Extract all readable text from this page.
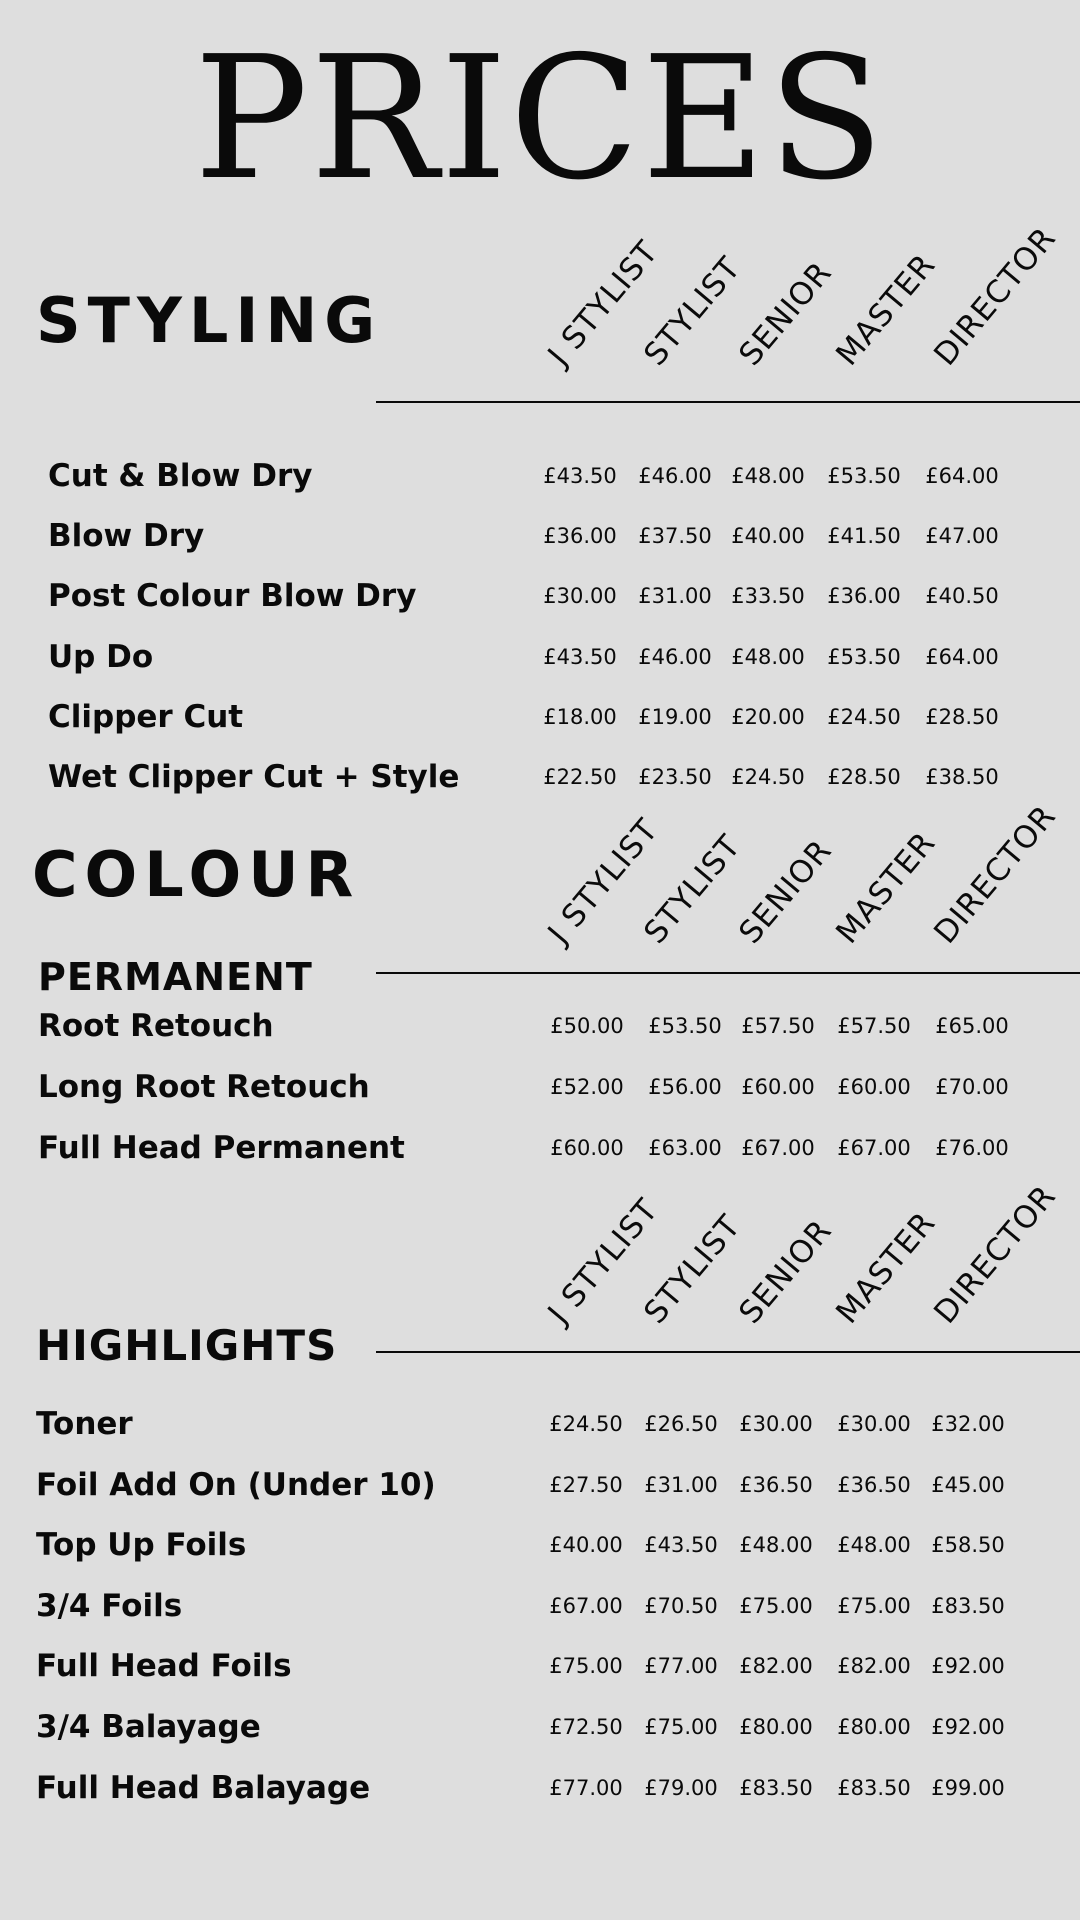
PRICES
STYLING
COLOUR
PERMANENT
HIGHLIGHTS
J STYLIST
STYLIST
SENIOR
MASTER
DIRECTOR
J STYLIST
STYLIST
SENIOR
MASTER
DIRECTOR
J STYLIST
STYLIST
SENIOR
MASTER
DIRECTOR
Cut & Blow Dry	£43.50	£46.00 £48.00	£53.50	£64.00
Blow Dry	£36.00	£37.50 £40.00	£41.50	£47.00
Post Colour Blow Dry	£30.00	£31.00 £33.50	£36.00	£40.50
Up Do	£43.50	£46.00 £48.00	£53.50	£64.00
Clipper Cut	£18.00	£19.00 £20.00	£24.50	£28.50
Wet Clipper Cut + Style	£22.50	£23.50 £24.50	£28.50	£38.50
Root Retouch	£50.00	£53.50 £57.50	£57.50	£65.00
Long Root Retouch	£52.00	£56.00 £60.00	£60.00	£70.00
Full Head Permanent	£60.00	£63.00 £67.00	£67.00	£76.00
Toner	£24.50	£26.50	£30.00	£30.00 £32.00
Foil Add On (Under 10)	£27.50	£31.00	£36.50	£36.50 £45.00
Top Up Foils	£40.00	£43.50	£48.00	£48.00 £58.50
3/4 Foils	£67.00	£70.50	£75.00	£75.00 £83.50
Full Head Foils	£75.00	£77.00	£82.00	£82.00 £92.00
3/4 Balayage	£72.50	£75.00	£80.00	£80.00 £92.00
Full Head Balayage	£77.00	£79.00	£83.50	£83.50 £99.00
